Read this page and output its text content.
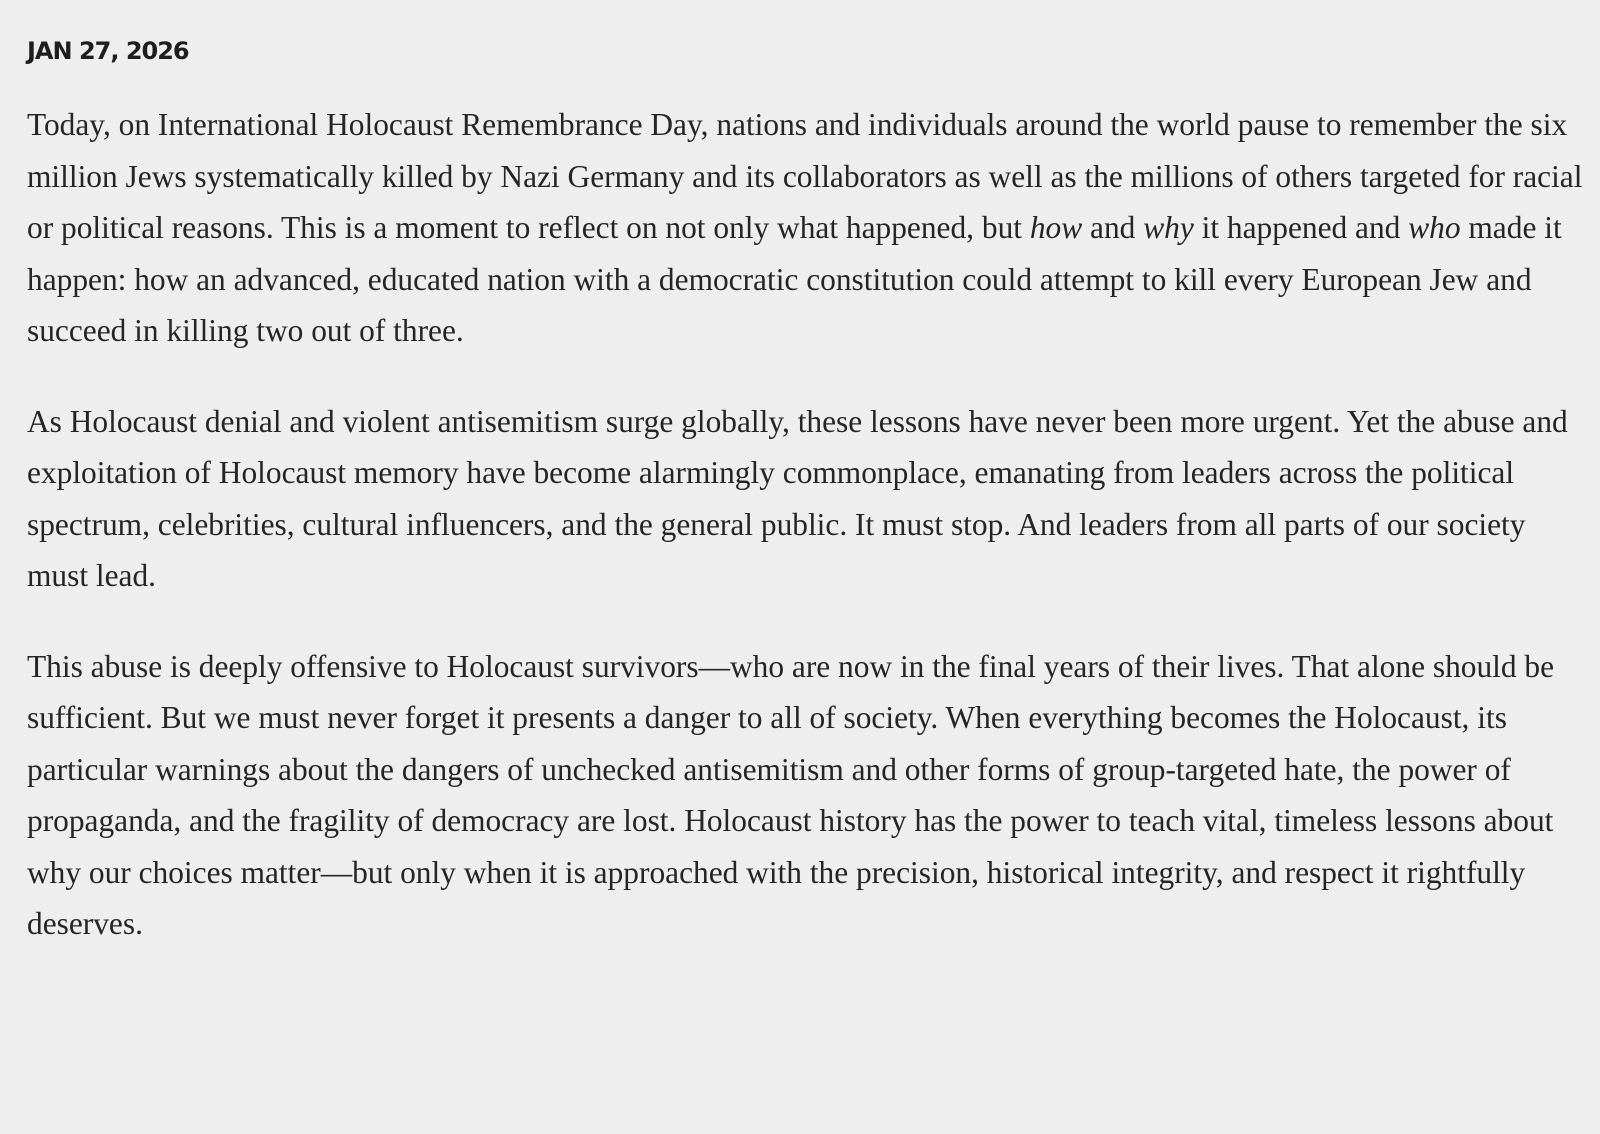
JAN 27, 2026

Today, on International Holocaust Remembrance Day, nations and individuals around the world pause to remember the six million Jews systematically killed by Nazi Germany and its collaborators as well as the millions of others targeted for racial or political reasons. This is a moment to reflect on not only what happened, but how and why it happened and who made it happen: how an advanced, educated nation with a democratic constitution could attempt to kill every European Jew and succeed in killing two out of three.

As Holocaust denial and violent antisemitism surge globally, these lessons have never been more urgent. Yet the abuse and exploitation of Holocaust memory have become alarmingly commonplace, emanating from leaders across the political spectrum, celebrities, cultural influencers, and the general public. It must stop. And leaders from all parts of our society must lead.

This abuse is deeply offensive to Holocaust survivors—who are now in the final years of their lives. That alone should be sufficient. But we must never forget it presents a danger to all of society. When everything becomes the Holocaust, its particular warnings about the dangers of unchecked antisemitism and other forms of group-targeted hate, the power of propaganda, and the fragility of democracy are lost. Holocaust history has the power to teach vital, timeless lessons about why our choices matter—but only when it is approached with the precision, historical integrity, and respect it rightfully deserves.
